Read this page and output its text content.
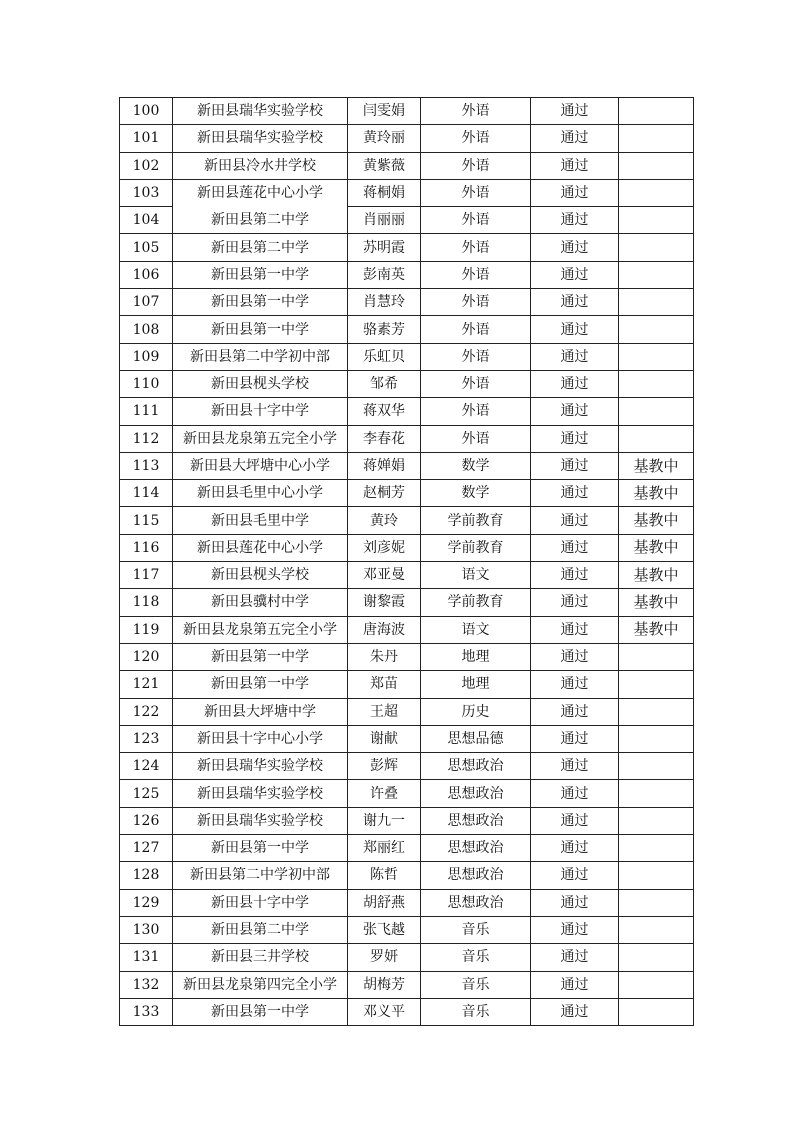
100	新田县瑞华实验学校	闫雯娟	外语	通过	
101	新田县瑞华实验学校	黄玲丽	外语	通过	
102	新田县冷水井学校	黄紫薇	外语	通过	
103	新田县莲花中心小学	蒋桐娟	外语	通过	
104	新田县第二中学	肖丽丽	外语	通过	
105	新田县第二中学	苏明霞	外语	通过	
106	新田县第一中学	彭南英	外语	通过	
107	新田县第一中学	肖慧玲	外语	通过	
108	新田县第一中学	骆素芳	外语	通过	
109	新田县第二中学初中部	乐虹贝	外语	通过	
110	新田县枧头学校	邹希	外语	通过	
111	新田县十字中学	蒋双华	外语	通过	
112	新田县龙泉第五完全小学	李春花	外语	通过	
113	新田县大坪塘中心小学	蒋婵娟	数学	通过	基教中
114	新田县毛里中心小学	赵桐芳	数学	通过	基教中
115	新田县毛里中学	黄玲	学前教育	通过	基教中
116	新田县莲花中心小学	刘彦妮	学前教育	通过	基教中
117	新田县枧头学校	邓亚曼	语文	通过	基教中
118	新田县骥村中学	谢黎霞	学前教育	通过	基教中
119	新田县龙泉第五完全小学	唐海波	语文	通过	基教中
120	新田县第一中学	朱丹	地理	通过	
121	新田县第一中学	郑苗	地理	通过	
122	新田县大坪塘中学	王超	历史	通过	
123	新田县十字中心小学	谢献	思想品德	通过	
124	新田县瑞华实验学校	彭辉	思想政治	通过	
125	新田县瑞华实验学校	许叠	思想政治	通过	
126	新田县瑞华实验学校	谢九一	思想政治	通过	
127	新田县第一中学	郑丽红	思想政治	通过	
128	新田县第二中学初中部	陈哲	思想政治	通过	
129	新田县十字中学	胡舒燕	思想政治	通过	
130	新田县第二中学	张飞越	音乐	通过	
131	新田县三井学校	罗妍	音乐	通过	
132	新田县龙泉第四完全小学	胡梅芳	音乐	通过	
133	新田县第一中学	邓义平	音乐	通过	
